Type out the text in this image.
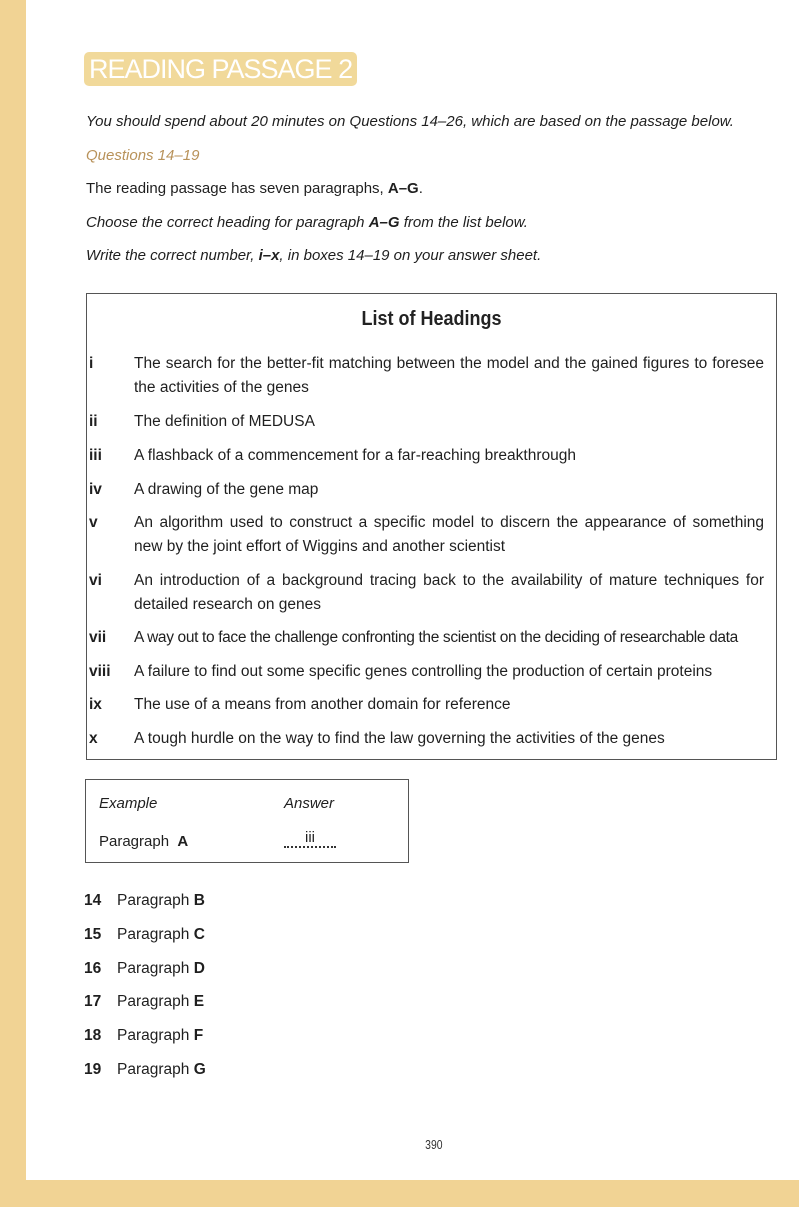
READING PASSAGE 2
You should spend about 20 minutes on Questions 14–26, which are based on the passage below.
Questions 14–19
The reading passage has seven paragraphs, A–G.
Choose the correct heading for paragraph A–G from the list below.
Write the correct number, i–x, in boxes 14–19 on your answer sheet.
List of Headings
i	The search for the better-fit matching between the model and the gained figures to foresee the activities of the genes
ii	The definition of MEDUSA
iii	A flashback of a commencement for a far-reaching breakthrough
iv	A drawing of the gene map
v	An algorithm used to construct a specific model to discern the appearance of something new by the joint effort of Wiggins and another scientist
vi	An introduction of a background tracing back to the availability of mature techniques for detailed research on genes
vii	A way out to face the challenge confronting the scientist on the deciding of researchable data
viii	A failure to find out some specific genes controlling the production of certain proteins
ix	The use of a means from another domain for reference
x	A tough hurdle on the way to find the law governing the activities of the genes
Example	Answer
Paragraph A	iii
14 Paragraph B
15 Paragraph C
16 Paragraph D
17 Paragraph E
18 Paragraph F
19 Paragraph G
390
